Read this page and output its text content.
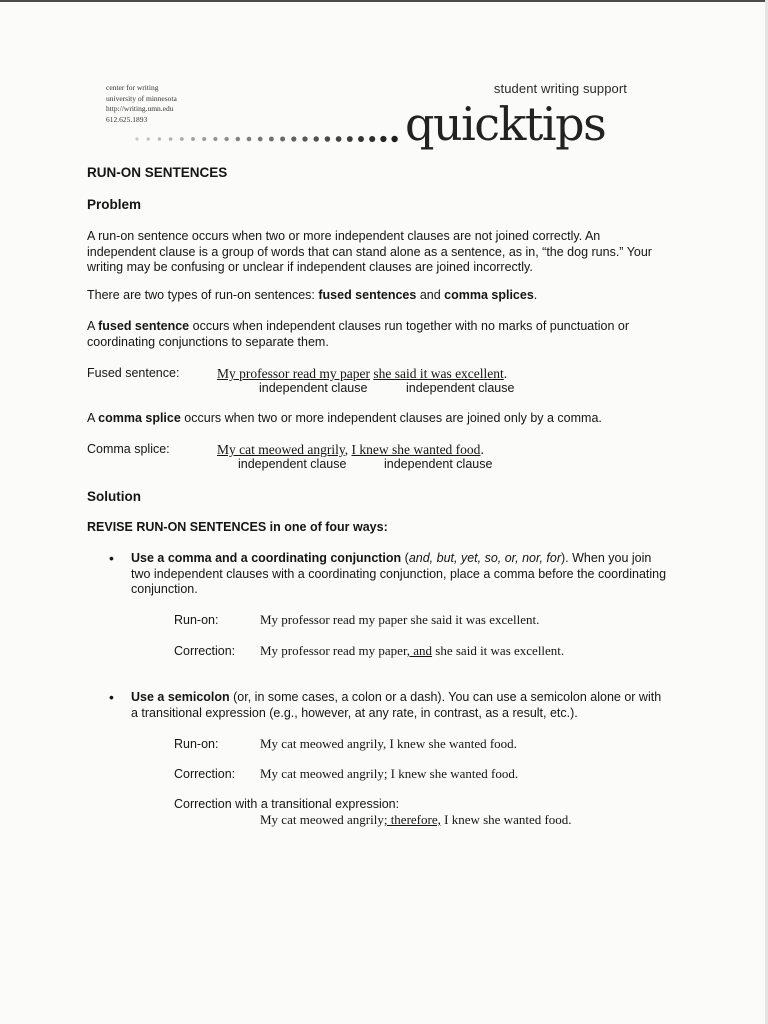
center for writing
university of minnesota
http://writing.umn.edu
612.625.1893
student writing support
quicktips
RUN-ON SENTENCES
Problem
A run-on sentence occurs when two or more independent clauses are not joined correctly. An independent clause is a group of words that can stand alone as a sentence, as in, “the dog runs.” Your writing may be confusing or unclear if independent clauses are joined incorrectly.
There are two types of run-on sentences: fused sentences and comma splices.
A fused sentence occurs when independent clauses run together with no marks of punctuation or coordinating conjunctions to separate them.
Fused sentence:	My professor read my paper she said it was excellent.
independent clause	independent clause
A comma splice occurs when two or more independent clauses are joined only by a comma.
Comma splice:	My cat meowed angrily, I knew she wanted food.
independent clause	independent clause
Solution
REVISE RUN-ON SENTENCES in one of four ways:
• Use a comma and a coordinating conjunction (and, but, yet, so, or, nor, for). When you join two independent clauses with a coordinating conjunction, place a comma before the coordinating conjunction.
Run-on:	My professor read my paper she said it was excellent.
Correction: My professor read my paper, and she said it was excellent.
• Use a semicolon (or, in some cases, a colon or a dash). You can use a semicolon alone or with a transitional expression (e.g., however, at any rate, in contrast, as a result, etc.).
Run-on:	My cat meowed angrily, I knew she wanted food.
Correction: My cat meowed angrily; I knew she wanted food.
Correction with a transitional expression:
My cat meowed angrily; therefore, I knew she wanted food.
